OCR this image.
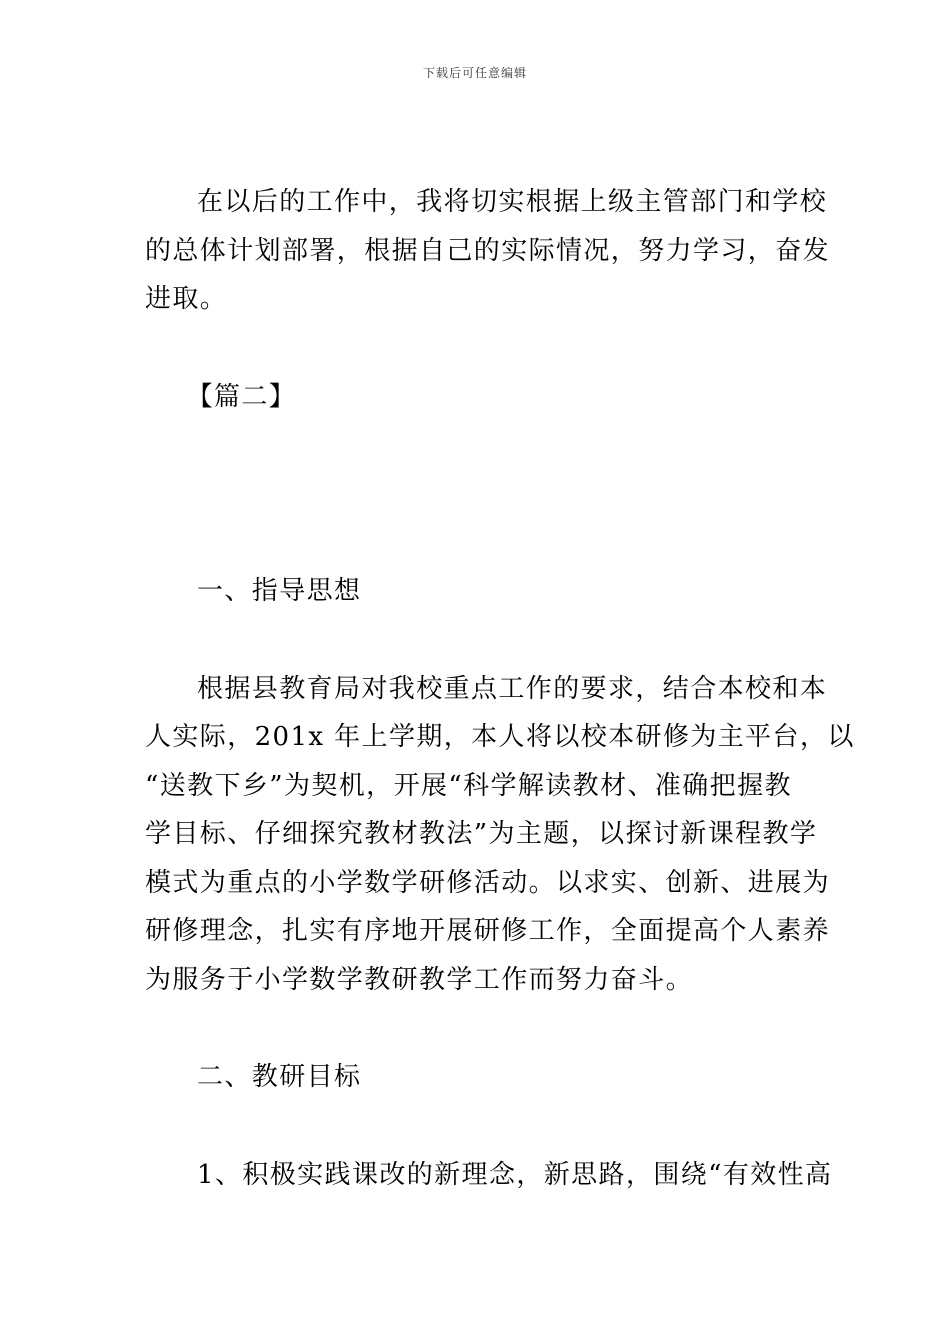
下载后可任意编辑

在以后的工作中，我将切实根据上级主管部门和学校

的总体计划部署，根据自己的实际情况，努力学习，奋发

进取。

【篇二】

一、指导思想

根据县教育局对我校重点工作的要求，结合本校和本

人实际，201x 年上学期，本人将以校本研修为主平台，以

“送教下乡”为契机，开展“科学解读教材、准确把握教

学目标、仔细探究教材教法”为主题，以探讨新课程教学

模式为重点的小学数学研修活动。以求实、创新、进展为

研修理念，扎实有序地开展研修工作，全面提高个人素养

为服务于小学数学教研教学工作而努力奋斗。

二、教研目标

1、积极实践课改的新理念，新思路，围绕“有效性高
